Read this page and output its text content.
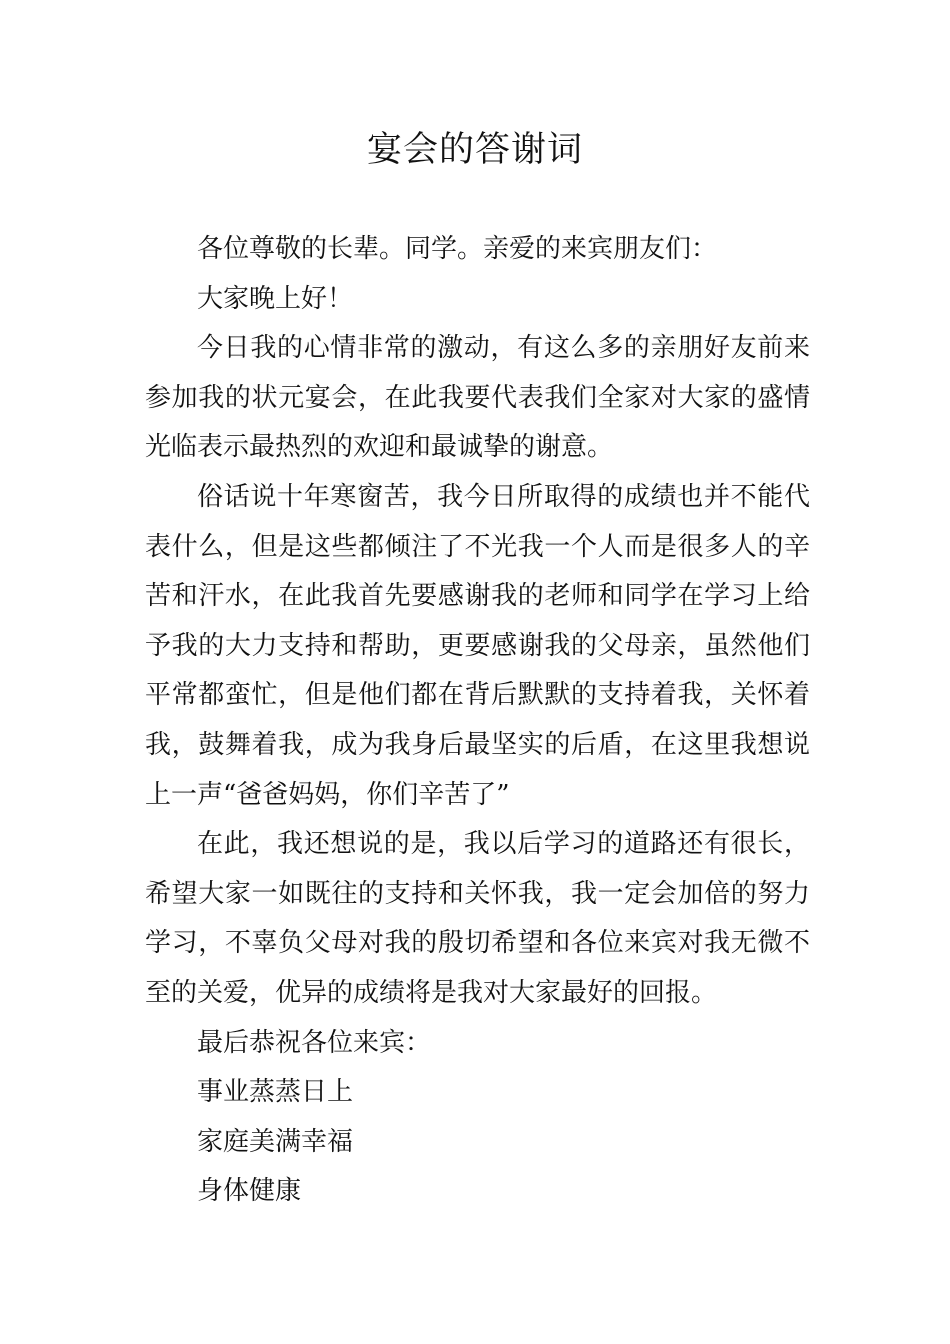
宴会的答谢词

各位尊敬的长辈。同学。亲爱的来宾朋友们：

大家晚上好！

今日我的心情非常的激动，有这么多的亲朋好友前来参加我的状元宴会，在此我要代表我们全家对大家的盛情光临表示最热烈的欢迎和最诚挚的谢意。

俗话说十年寒窗苦，我今日所取得的成绩也并不能代表什么，但是这些都倾注了不光我一个人而是很多人的辛苦和汗水，在此我首先要感谢我的老师和同学在学习上给予我的大力支持和帮助，更要感谢我的父母亲，虽然他们平常都蛮忙，但是他们都在背后默默的支持着我，关怀着我，鼓舞着我，成为我身后最坚实的后盾，在这里我想说上一声“爸爸妈妈，你们辛苦了”

在此，我还想说的是，我以后学习的道路还有很长，希望大家一如既往的支持和关怀我，我一定会加倍的努力学习，不辜负父母对我的殷切希望和各位来宾对我无微不至的关爱，优异的成绩将是我对大家最好的回报。

最后恭祝各位来宾：

事业蒸蒸日上

家庭美满幸福

身体健康
